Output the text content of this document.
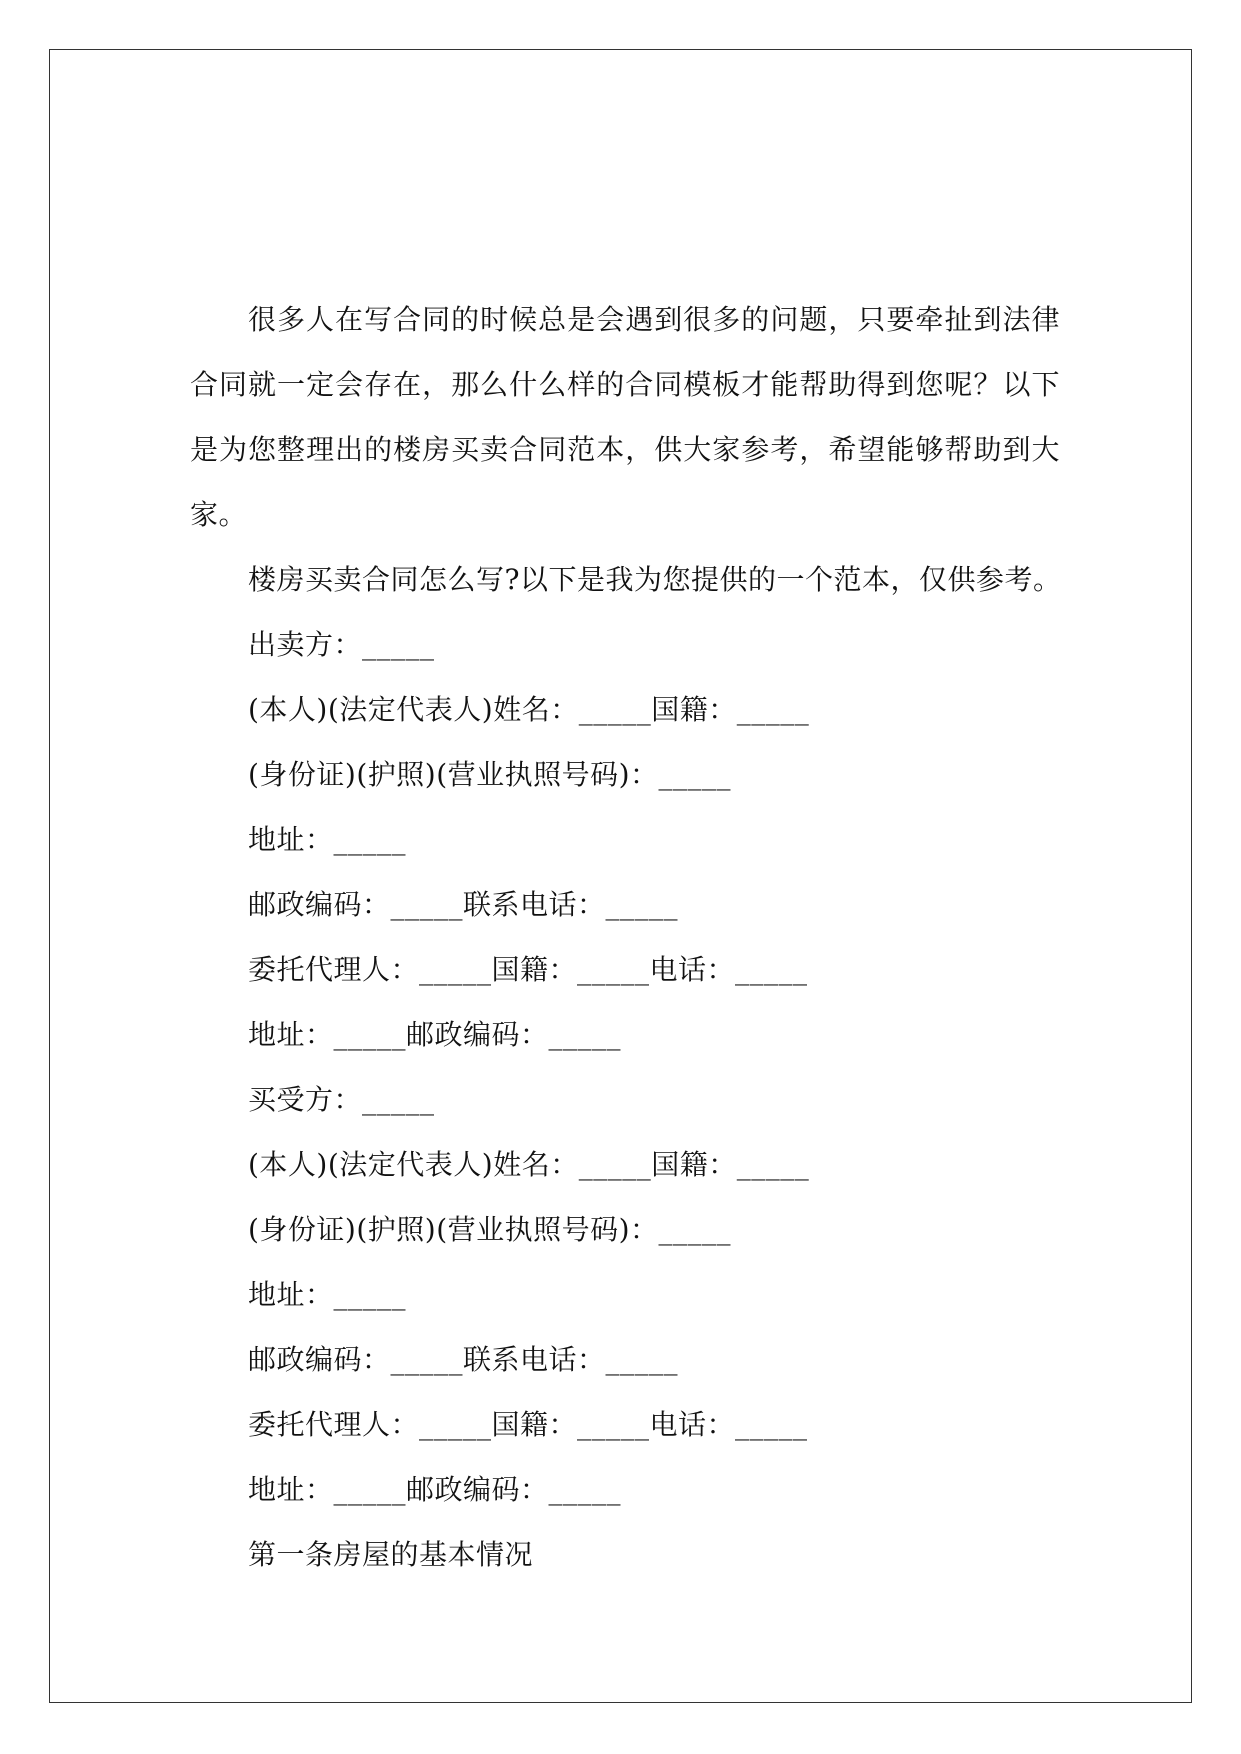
很多人在写合同的时候总是会遇到很多的问题，只要牵扯到法律合同就一定会存在，那么什么样的合同模板才能帮助得到您呢？以下是为您整理出的楼房买卖合同范本，供大家参考，希望能够帮助到大家。

楼房买卖合同怎么写?以下是我为您提供的一个范本，仅供参考。

出卖方：_____

(本人)(法定代表人)姓名：_____国籍：_____

(身份证)(护照)(营业执照号码)：_____

地址：_____

邮政编码：_____联系电话：_____

委托代理人：_____国籍：_____电话：_____

地址：_____邮政编码：_____

买受方：_____

(本人)(法定代表人)姓名：_____国籍：_____

(身份证)(护照)(营业执照号码)：_____

地址：_____

邮政编码：_____联系电话：_____

委托代理人：_____国籍：_____电话：_____

地址：_____邮政编码：_____

第一条房屋的基本情况
